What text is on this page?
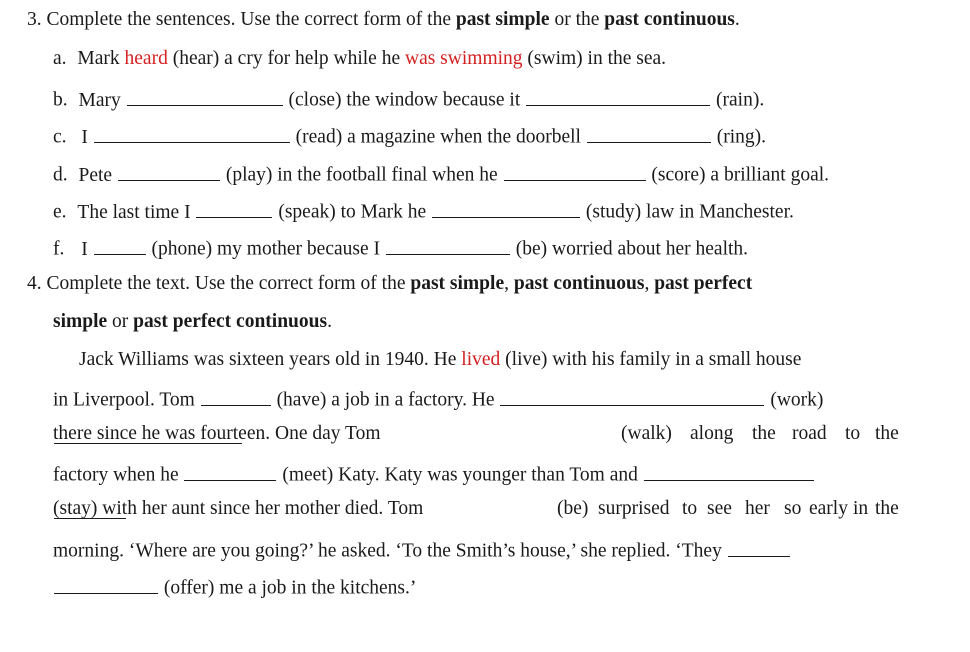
3. Complete the sentences. Use the correct form of the past simple or the past continuous.
a. Mark heard (hear) a cry for help while he was swimming (swim) in the sea.
b. Mary	(close) the window because it	(rain).
c. I	(read) a magazine when the doorbell	(ring).
d. Pete	(play) in the football final when he	(score) a brilliant goal.
e. The last time I	(speak) to Mark he	(study) law in Manchester.
f. I	(phone) my mother because I	(be) worried about her health.
4. Complete the text. Use the correct form of the past simple, past continuous, past perfect
simple or past perfect continuous.
Jack Williams was sixteen years old in 1940. He lived (live) with his family in a small house
in Liverpool. Tom	(have) a job in a factory. He	(work)
there since he was fourteen. One day Tom	(walk) along the road to the
factory when he	(meet) Katy. Katy was younger than Tom and
(stay) with her aunt since her mother died. Tom	(be) surprised to see her so early in the
morning. ‘Where are you going?’ he asked. ‘To the Smith’s house,’ she replied. ‘They
(offer) me a job in the kitchens.’
